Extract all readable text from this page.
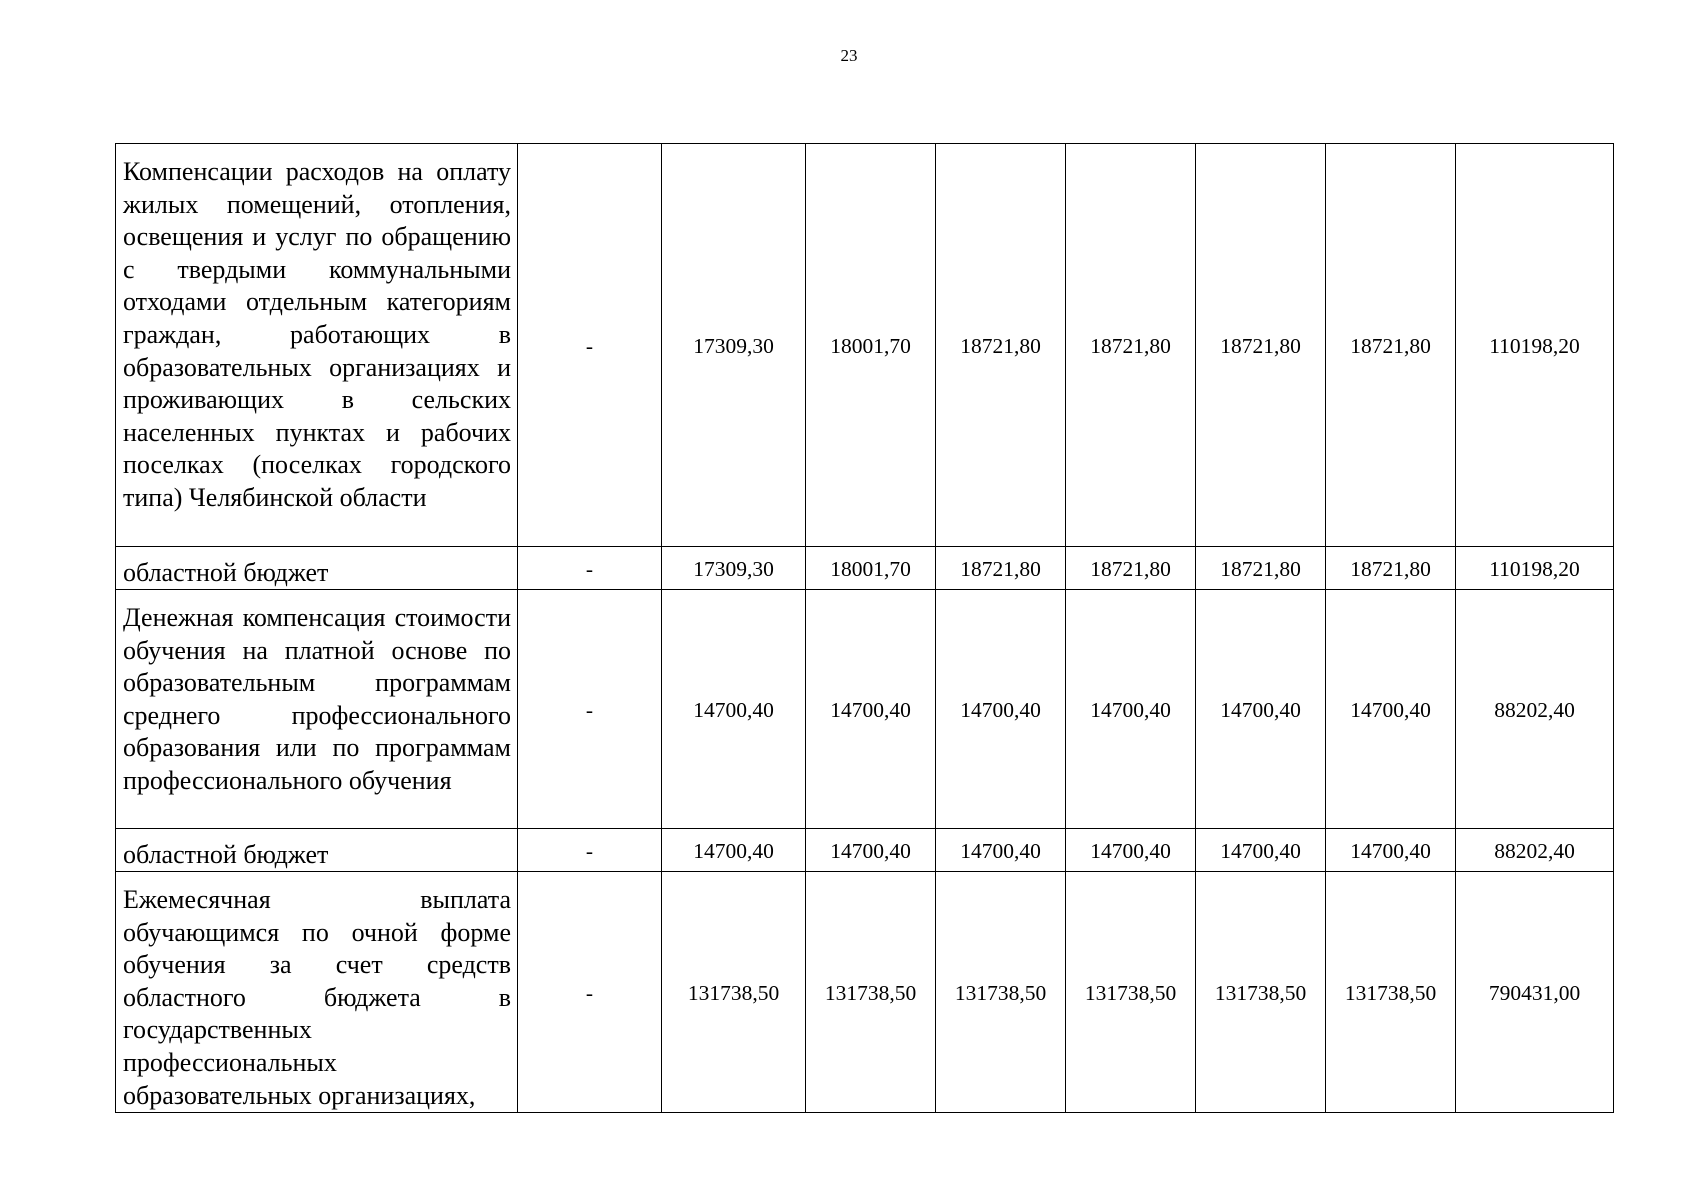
23
Компенсации расходов на оплату жилых помещений, отопления, освещения и услуг по обращению с твердыми коммунальными отходами отдельным категориям граждан, работающих в образовательных организациях и проживающих в сельских населенных пунктах и рабочих поселках (поселках городского типа) Челябинской области	-	17309,30	18001,70	18721,80	18721,80	18721,80	18721,80	110198,20
областной бюджет	-	17309,30	18001,70	18721,80	18721,80	18721,80	18721,80	110198,20
Денежная компенсация стоимости обучения на платной основе по образовательным программам среднего профессионального образования или по программам профессионального обучения	-	14700,40	14700,40	14700,40	14700,40	14700,40	14700,40	88202,40
областной бюджет	-	14700,40	14700,40	14700,40	14700,40	14700,40	14700,40	88202,40
Ежемесячная выплата обучающимся по очной форме обучения за счет средств областного бюджета в государственных профессиональных образовательных организациях,	-	131738,50	131738,50	131738,50	131738,50	131738,50	131738,50	790431,00
